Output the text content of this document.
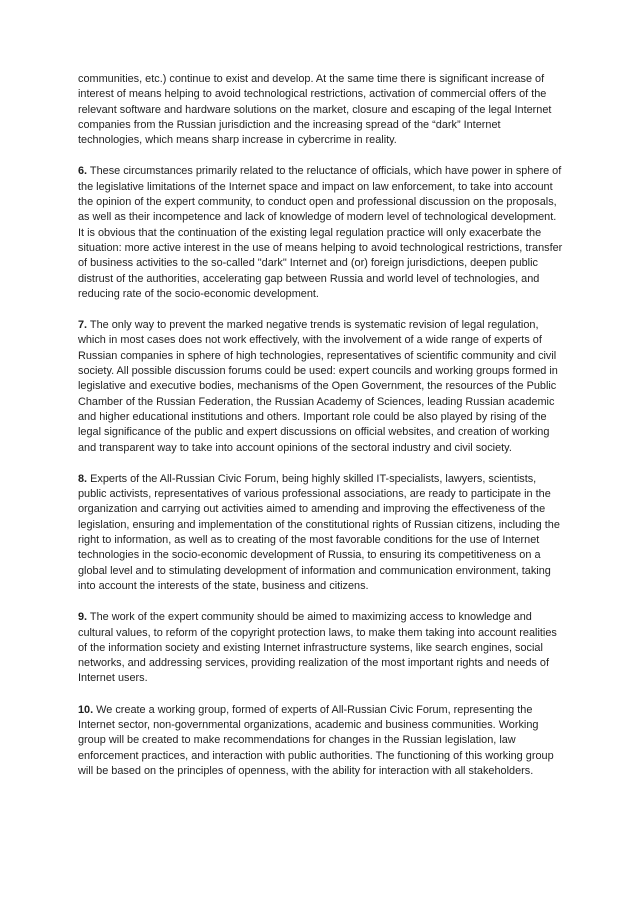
communities, etc.) continue to exist and develop. At the same time there is significant increase of interest of means helping to avoid technological restrictions, activation of commercial offers of the relevant software and hardware solutions on the market, closure and escaping of the legal Internet companies from the Russian jurisdiction and the increasing spread of the “dark” Internet technologies, which means sharp increase in cybercrime in reality.

6. These circumstances primarily related to the reluctance of officials, which have power in sphere of the legislative limitations of the Internet space and impact on law enforcement, to take into account the opinion of the expert community, to conduct open and professional discussion on the proposals, as well as their incompetence and lack of knowledge of modern level of technological development. It is obvious that the continuation of the existing legal regulation practice will only exacerbate the situation: more active interest in the use of means helping to avoid technological restrictions, transfer of business activities to the so-called "dark" Internet and (or) foreign jurisdictions, deepen public distrust of the authorities, accelerating gap between Russia and world level of technologies, and reducing rate of the socio-economic development.

7. The only way to prevent the marked negative trends is systematic revision of legal regulation, which in most cases does not work effectively, with the involvement of a wide range of experts of Russian companies in sphere of high technologies, representatives of scientific community and civil society. All possible discussion forums could be used: expert councils and working groups formed in legislative and executive bodies, mechanisms of the Open Government, the resources of the Public Chamber of the Russian Federation, the Russian Academy of Sciences, leading Russian academic and higher educational institutions and others. Important role could be also played by rising of the legal significance of the public and expert discussions on official websites, and creation of working and transparent way to take into account opinions of the sectoral industry and civil society.

8. Experts of the All-Russian Civic Forum, being highly skilled IT-specialists, lawyers, scientists, public activists, representatives of various professional associations, are ready to participate in the organization and carrying out activities aimed to amending and improving the effectiveness of the legislation, ensuring and implementation of the constitutional rights of Russian citizens, including the right to information, as well as to creating of the most favorable conditions for the use of Internet technologies in the socio-economic development of Russia, to ensuring its competitiveness on a global level and to stimulating development of information and communication environment, taking into account the interests of the state, business and citizens.

9. The work of the expert community should be aimed to maximizing access to knowledge and cultural values, to reform of the copyright protection laws, to make them taking into account realities of the information society and existing Internet infrastructure systems, like search engines, social networks, and addressing services, providing realization of the most important rights and needs of Internet users.

10. We create a working group, formed of experts of All-Russian Civic Forum, representing the Internet sector, non-governmental organizations, academic and business communities. Working group will be created to make recommendations for changes in the Russian legislation, law enforcement practices, and interaction with public authorities. The functioning of this working group will be based on the principles of openness, with the ability for interaction with all stakeholders.
